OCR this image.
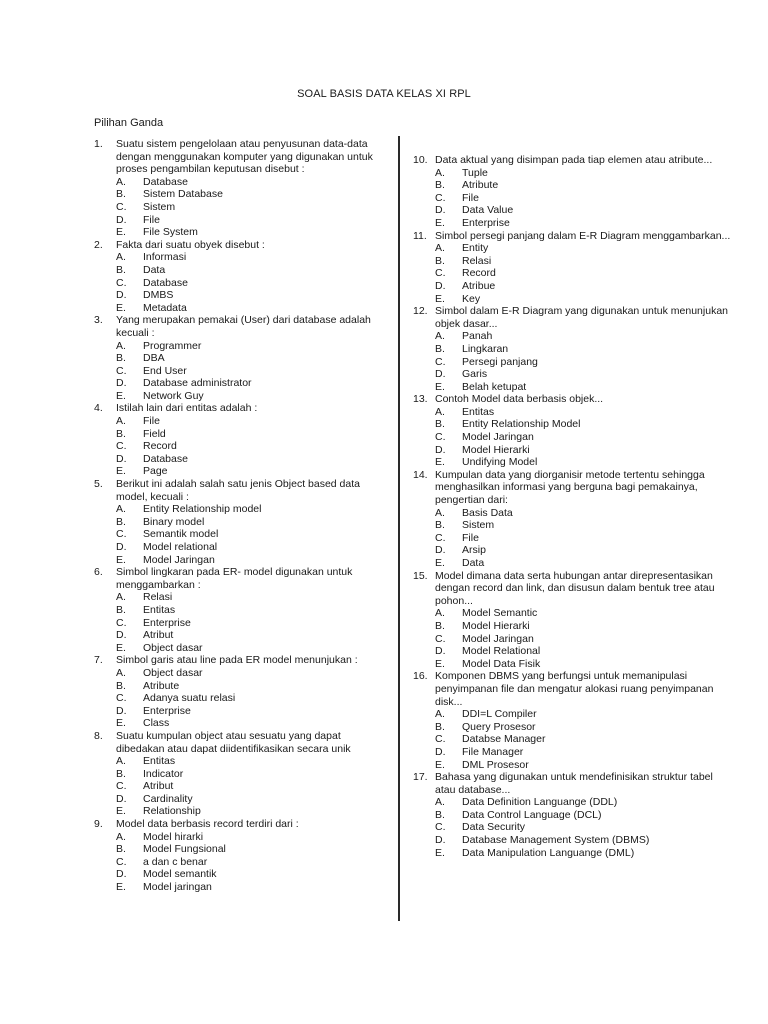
SOAL BASIS DATA KELAS XI RPL
Pilihan Ganda
1.	Suatu sistem pengelolaan atau penyusunan data-data dengan menggunakan komputer yang digunakan untuk proses pengambilan keputusan disebut :
A.	Database
B.	Sistem Database
C.	Sistem
D.	File
E.	File System
2.	Fakta dari suatu obyek disebut :
A.	Informasi
B.	Data
C.	Database
D.	DMBS
E.	Metadata
3.	Yang merupakan pemakai (User) dari database adalah kecuali :
A.	Programmer
B.	DBA
C.	End User
D.	Database administrator
E.	Network Guy
4.	Istilah lain dari entitas adalah :
A.	File
B.	Field
C.	Record
D.	Database
E.	Page
5.	Berikut ini adalah salah satu jenis Object based data model, kecuali :
A.	Entity Relationship model
B.	Binary model
C.	Semantik model
D.	Model relational
E.	Model Jaringan
6.	Simbol lingkaran pada ER- model digunakan untuk menggambarkan :
A.	Relasi
B.	Entitas
C.	Enterprise
D.	Atribut
E.	Object dasar
7.	Simbol garis atau line pada ER model menunjukan :
A.	Object dasar
B.	Atribute
C.	Adanya suatu relasi
D.	Enterprise
E.	Class
8.	Suatu kumpulan object atau sesuatu yang dapat dibedakan atau dapat diidentifikasikan secara unik
A.	Entitas
B.	Indicator
C.	Atribut
D.	Cardinality
E.	Relationship
9.	Model data berbasis record terdiri dari :
A.	Model hirarki
B.	Model Fungsional
C.	a dan c benar
D.	Model semantik
E.	Model jaringan
10. Data aktual yang disimpan pada tiap elemen atau atribute...
A.	Tuple
B.	Atribute
C.	File
D.	Data Value
E.	Enterprise
11. Simbol persegi panjang dalam E-R Diagram menggambarkan...
A.	Entity
B.	Relasi
C.	Record
D.	Atribue
E.	Key
12. Simbol dalam E-R Diagram yang digunakan untuk menunjukan objek dasar...
A.	Panah
B.	Lingkaran
C.	Persegi panjang
D.	Garis
E.	Belah ketupat
13. Contoh Model data berbasis objek...
A.	Entitas
B.	Entity Relationship Model
C.	Model Jaringan
D.	Model Hierarki
E.	Undifying Model
14. Kumpulan data yang diorganisir metode tertentu sehingga menghasilkan informasi yang berguna bagi pemakainya, pengertian dari:
A.	Basis Data
B.	Sistem
C.	File
D.	Arsip
E.	Data
15. Model dimana data serta hubungan antar direpresentasikan dengan record dan link, dan disusun dalam bentuk tree atau pohon...
A.	Model Semantic
B.	Model Hierarki
C.	Model Jaringan
D.	Model Relational
E.	Model Data Fisik
16. Komponen DBMS yang berfungsi untuk memanipulasi penyimpanan file dan mengatur alokasi ruang penyimpanan disk...
A.	DDI=L Compiler
B.	Query Prosesor
C.	Databse Manager
D.	File Manager
E.	DML Prosesor
17. Bahasa yang digunakan untuk mendefinisikan struktur tabel atau database...
A.	Data Definition Languange (DDL)
B.	Data Control Language (DCL)
C.	Data Security
D.	Database Management System (DBMS)
E.	Data Manipulation Languange (DML)
